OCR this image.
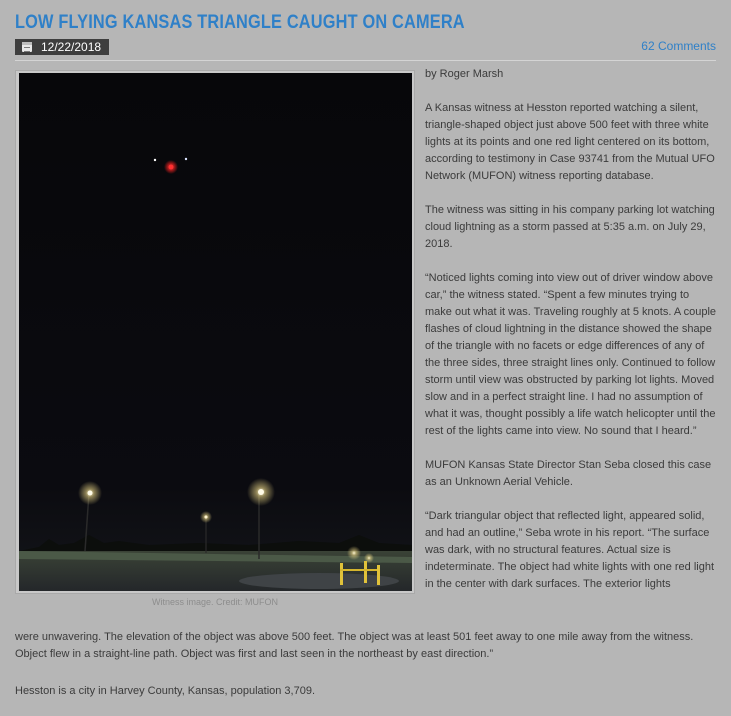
LOW FLYING KANSAS TRIANGLE CAUGHT ON CAMERA
12/22/2018	62 Comments
Witness image. Credit: MUFON

by Roger Marsh

A Kansas witness at Hesston reported watching a silent, triangle-shaped object just above 500 feet with three white lights at its points and one red light centered on its bottom, according to testimony in Case 93741 from the Mutual UFO Network (MUFON) witness reporting database.

The witness was sitting in his company parking lot watching cloud lightning as a storm passed at 5:35 a.m. on July 29, 2018.

“Noticed lights coming into view out of driver window above car,” the witness stated. “Spent a few minutes trying to make out what it was. Traveling roughly at 5 knots. A couple flashes of cloud lightning in the distance showed the shape of the triangle with no facets or edge differences of any of the three sides, three straight lines only. Continued to follow storm until view was obstructed by parking lot lights. Moved slow and in a perfect straight line. I had no assumption of what it was, thought possibly a life watch helicopter until the rest of the lights came into view. No sound that I heard.”

MUFON Kansas State Director Stan Seba closed this case as an Unknown Aerial Vehicle.

“Dark triangular object that reflected light, appeared solid, and had an outline,” Seba wrote in his report. “The surface was dark, with no structural features. Actual size is indeterminate. The object had white lights with one red light in the center with dark surfaces. The exterior lights

were unwavering. The elevation of the object was above 500 feet. The object was at least 501 feet away to one mile away from the witness. Object flew in a straight-line path. Object was first and last seen in the northeast by east direction.”
Hesston is a city in Harvey County, Kansas, population 3,709.
